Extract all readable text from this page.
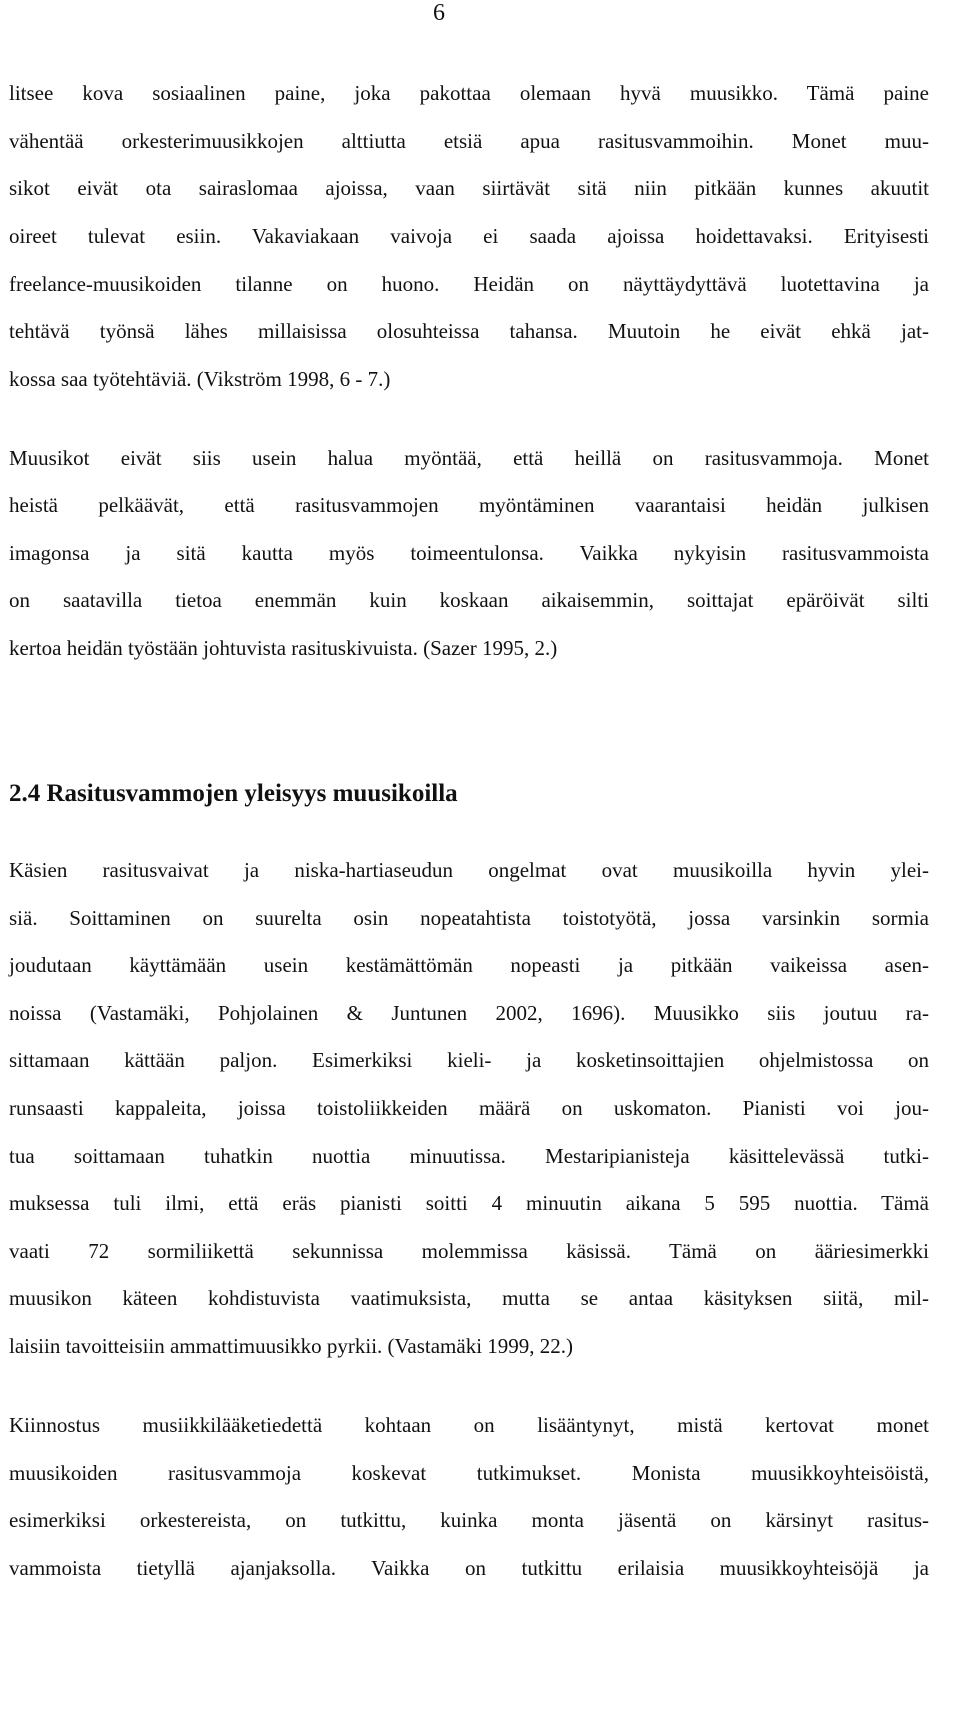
6
litsee kova sosiaalinen paine, joka pakottaa olemaan hyvä muusikko. Tämä paine
vähentää orkesterimuusikkojen alttiutta etsiä apua rasitusvammoihin. Monet muu-
sikot eivät ota sairaslomaa ajoissa, vaan siirtävät sitä niin pitkään kunnes akuutit
oireet tulevat esiin. Vakaviakaan vaivoja ei saada ajoissa hoidettavaksi. Erityisesti
freelance-muusikoiden tilanne on huono. Heidän on näyttäydyttävä luotettavina ja
tehtävä työnsä lähes millaisissa olosuhteissa tahansa. Muutoin he eivät ehkä jat-
kossa saa työtehtäviä. (Vikström 1998, 6 - 7.)
Muusikot eivät siis usein halua myöntää, että heillä on rasitusvammoja. Monet
heistä pelkäävät, että rasitusvammojen myöntäminen vaarantaisi heidän julkisen
imagonsa ja sitä kautta myös toimeentulonsa. Vaikka nykyisin rasitusvammoista
on saatavilla tietoa enemmän kuin koskaan aikaisemmin, soittajat epäröivät silti
kertoa heidän työstään johtuvista rasituskivuista. (Sazer 1995, 2.)
2.4 Rasitusvammojen yleisyys muusikoilla
Käsien rasitusvaivat ja niska-hartiaseudun ongelmat ovat muusikoilla hyvin ylei-
siä. Soittaminen on suurelta osin nopeatahtista toistotyötä, jossa varsinkin sormia
joudutaan käyttämään usein kestämättömän nopeasti ja pitkään vaikeissa asen-
noissa (Vastamäki, Pohjolainen & Juntunen 2002, 1696). Muusikko siis joutuu ra-
sittamaan kättään paljon. Esimerkiksi kieli- ja kosketinsoittajien ohjelmistossa on
runsaasti kappaleita, joissa toistoliikkeiden määrä on uskomaton. Pianisti voi jou-
tua soittamaan tuhatkin nuottia minuutissa. Mestaripianisteja käsittelevässä tutki-
muksessa tuli ilmi, että eräs pianisti soitti 4 minuutin aikana 5 595 nuottia. Tämä
vaati 72 sormiliikettä sekunnissa molemmissa käsissä. Tämä on ääriesimerkki
muusikon käteen kohdistuvista vaatimuksista, mutta se antaa käsityksen siitä, mil-
laisiin tavoitteisiin ammattimuusikko pyrkii. (Vastamäki 1999, 22.)
Kiinnostus musiikkilääketiedettä kohtaan on lisääntynyt, mistä kertovat monet
muusikoiden rasitusvammoja koskevat tutkimukset. Monista muusikkoyhteisöistä,
esimerkiksi orkestereista, on tutkittu, kuinka monta jäsentä on kärsinyt rasitus-
vammoista tietyllä ajanjaksolla. Vaikka on tutkittu erilaisia muusikkoyhteisöjä ja
